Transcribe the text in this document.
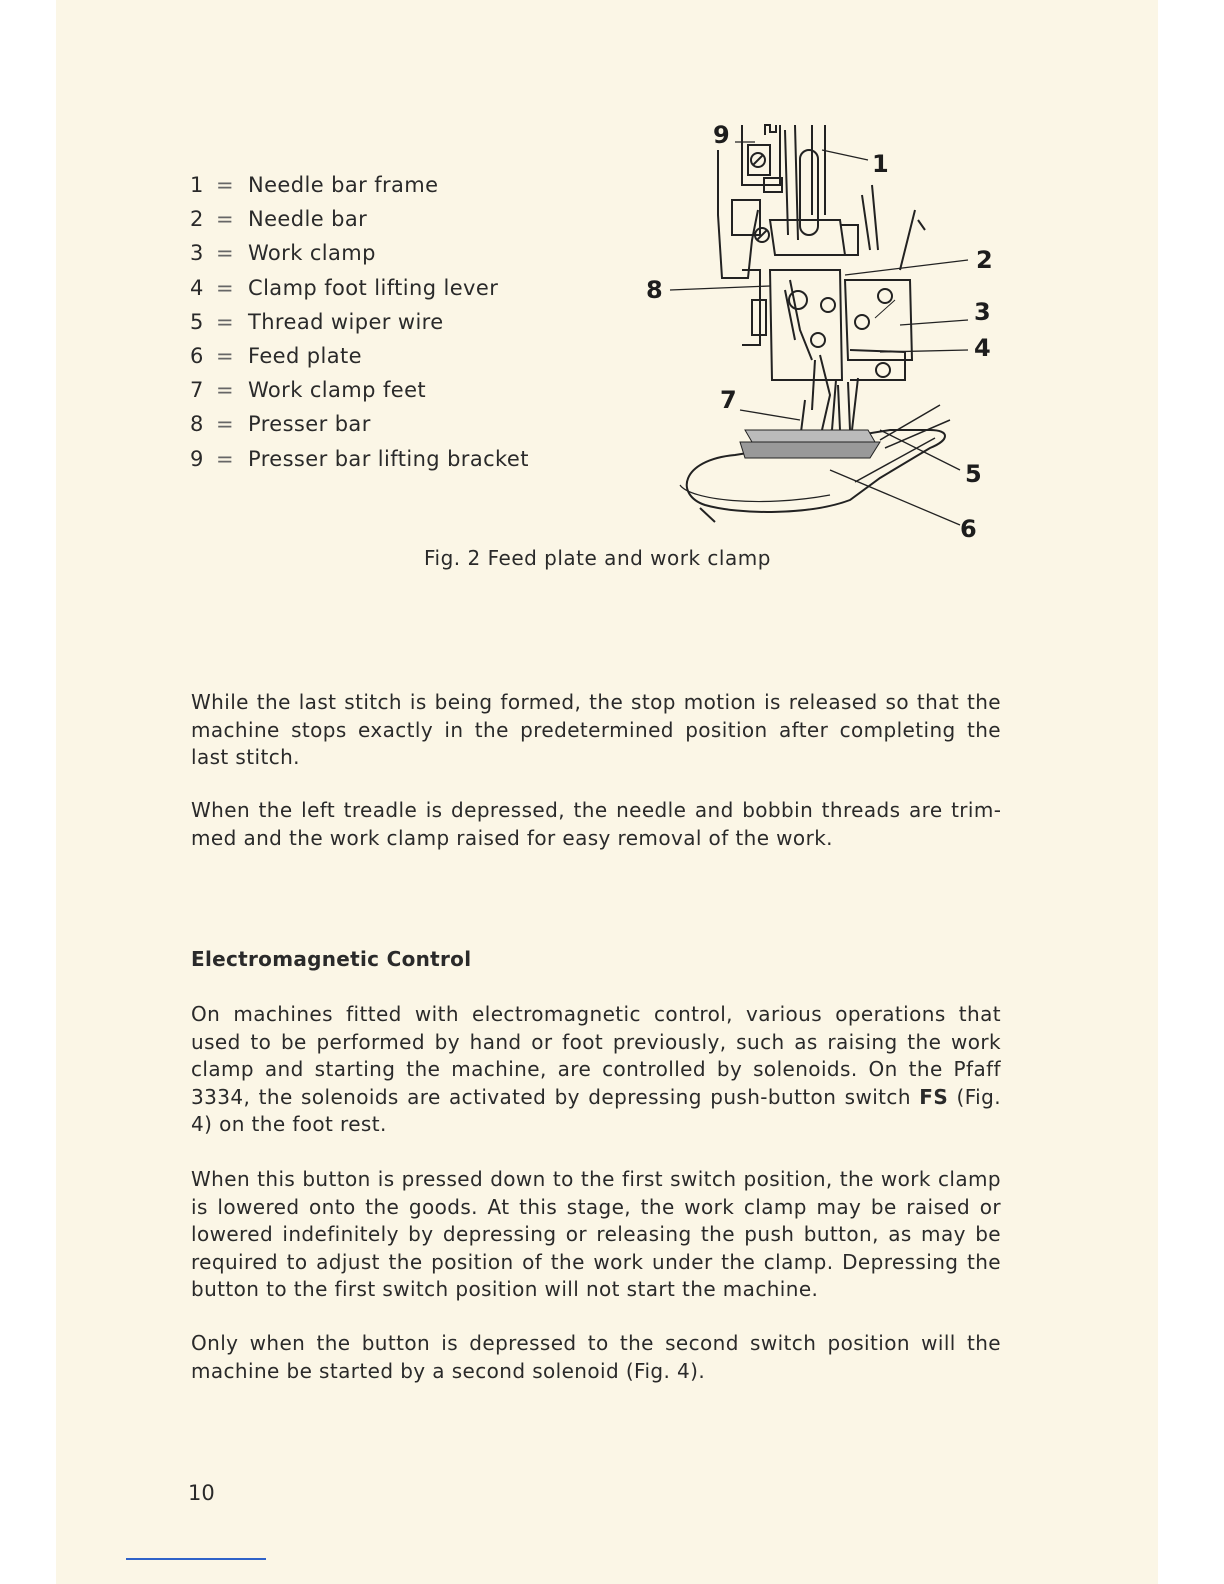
1 = Needle bar frame
2 = Needle bar
3 = Work clamp
4 = Clamp foot lifting lever
5 = Thread wiper wire
6 = Feed plate
7 = Work clamp feet
8 = Presser bar
9 = Presser bar lifting bracket
9
1
2
8
3
4
7
5
6
Fig. 2 Feed plate and work clamp

While the last stitch is being formed, the stop motion is released so that the machine stops exactly in the predetermined position after completing the last stitch.

When the left treadle is depressed, the needle and bobbin threads are trimmed and the work clamp raised for easy removal of the work.

Electromagnetic Control

On machines fitted with electromagnetic control, various operations that used to be performed by hand or foot previously, such as raising the work clamp and starting the machine, are controlled by solenoids. On the Pfaff 3334, the solenoids are activated by depressing push-button switch FS (Fig. 4) on the foot rest.

When this button is pressed down to the first switch position, the work clamp is lowered onto the goods. At this stage, the work clamp may be raised or lowered indefinitely by depressing or releasing the push button, as may be required to adjust the position of the work under the clamp. Depressing the button to the first switch position will not start the machine.

Only when the button is depressed to the second switch position will the machine be started by a second solenoid (Fig. 4).

10
